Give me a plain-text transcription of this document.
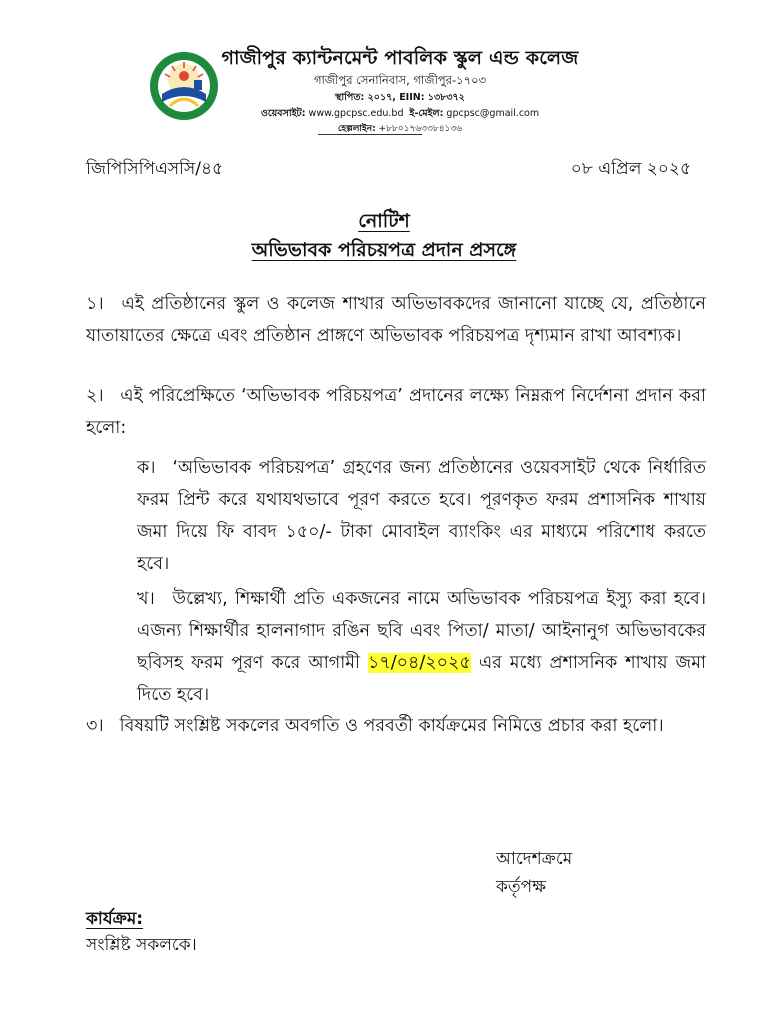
গাজীপুর ক্যান্টনমেন্ট পাবলিক স্কুল এন্ড কলেজ
গাজীপুর সেনানিবাস, গাজীপুর-১৭০৩
স্থাপিত: ২০১৭, EIIN: ১৩৮৩৭২
ওয়েবসাইট: www.gpcpsc.edu.bd ই-মেইল: gpcpsc@gmail.com
হেল্পলাইন: +৮৮০১৭৬৩৩৮৪১৩৬
জিপিসিপিএসসি/৪৫	০৮ এপ্রিল ২০২৫
নোটিশ
অভিভাবক পরিচয়পত্র প্রদান প্রসঙ্গে
১। এই প্রতিষ্ঠানের স্কুল ও কলেজ শাখার অভিভাবকদের জানানো যাচ্ছে যে, প্রতিষ্ঠানে যাতায়াতের ক্ষেত্রে এবং প্রতিষ্ঠান প্রাঙ্গণে অভিভাবক পরিচয়পত্র দৃশ্যমান রাখা আবশ্যক।
২। এই পরিপ্রেক্ষিতে ‘অভিভাবক পরিচয়পত্র’ প্রদানের লক্ষ্যে নিম্নরূপ নির্দেশনা প্রদান করা হলো:
ক। ‘অভিভাবক পরিচয়পত্র’ গ্রহণের জন্য প্রতিষ্ঠানের ওয়েবসাইট থেকে নির্ধারিত ফরম প্রিন্ট করে যথাযথভাবে পূরণ করতে হবে। পূরণকৃত ফরম প্রশাসনিক শাখায় জমা দিয়ে ফি বাবদ ১৫০/- টাকা মোবাইল ব্যাংকিং এর মাধ্যমে পরিশোধ করতে হবে।
খ। উল্লেখ্য, শিক্ষার্থী প্রতি একজনের নামে অভিভাবক পরিচয়পত্র ইস্যু করা হবে। এজন্য শিক্ষার্থীর হালনাগাদ রঙিন ছবি এবং পিতা/ মাতা/ আইনানুগ অভিভাবকের ছবিসহ ফরম পূরণ করে আগামী ১৭/০৪/২০২৫ এর মধ্যে প্রশাসনিক শাখায় জমা দিতে হবে।
৩। বিষয়টি সংশ্লিষ্ট সকলের অবগতি ও পরবর্তী কার্যক্রমের নিমিত্তে প্রচার করা হলো।
আদেশক্রমে
কর্তৃপক্ষ
কার্যক্রম:
সংশ্লিষ্ট সকলকে।
